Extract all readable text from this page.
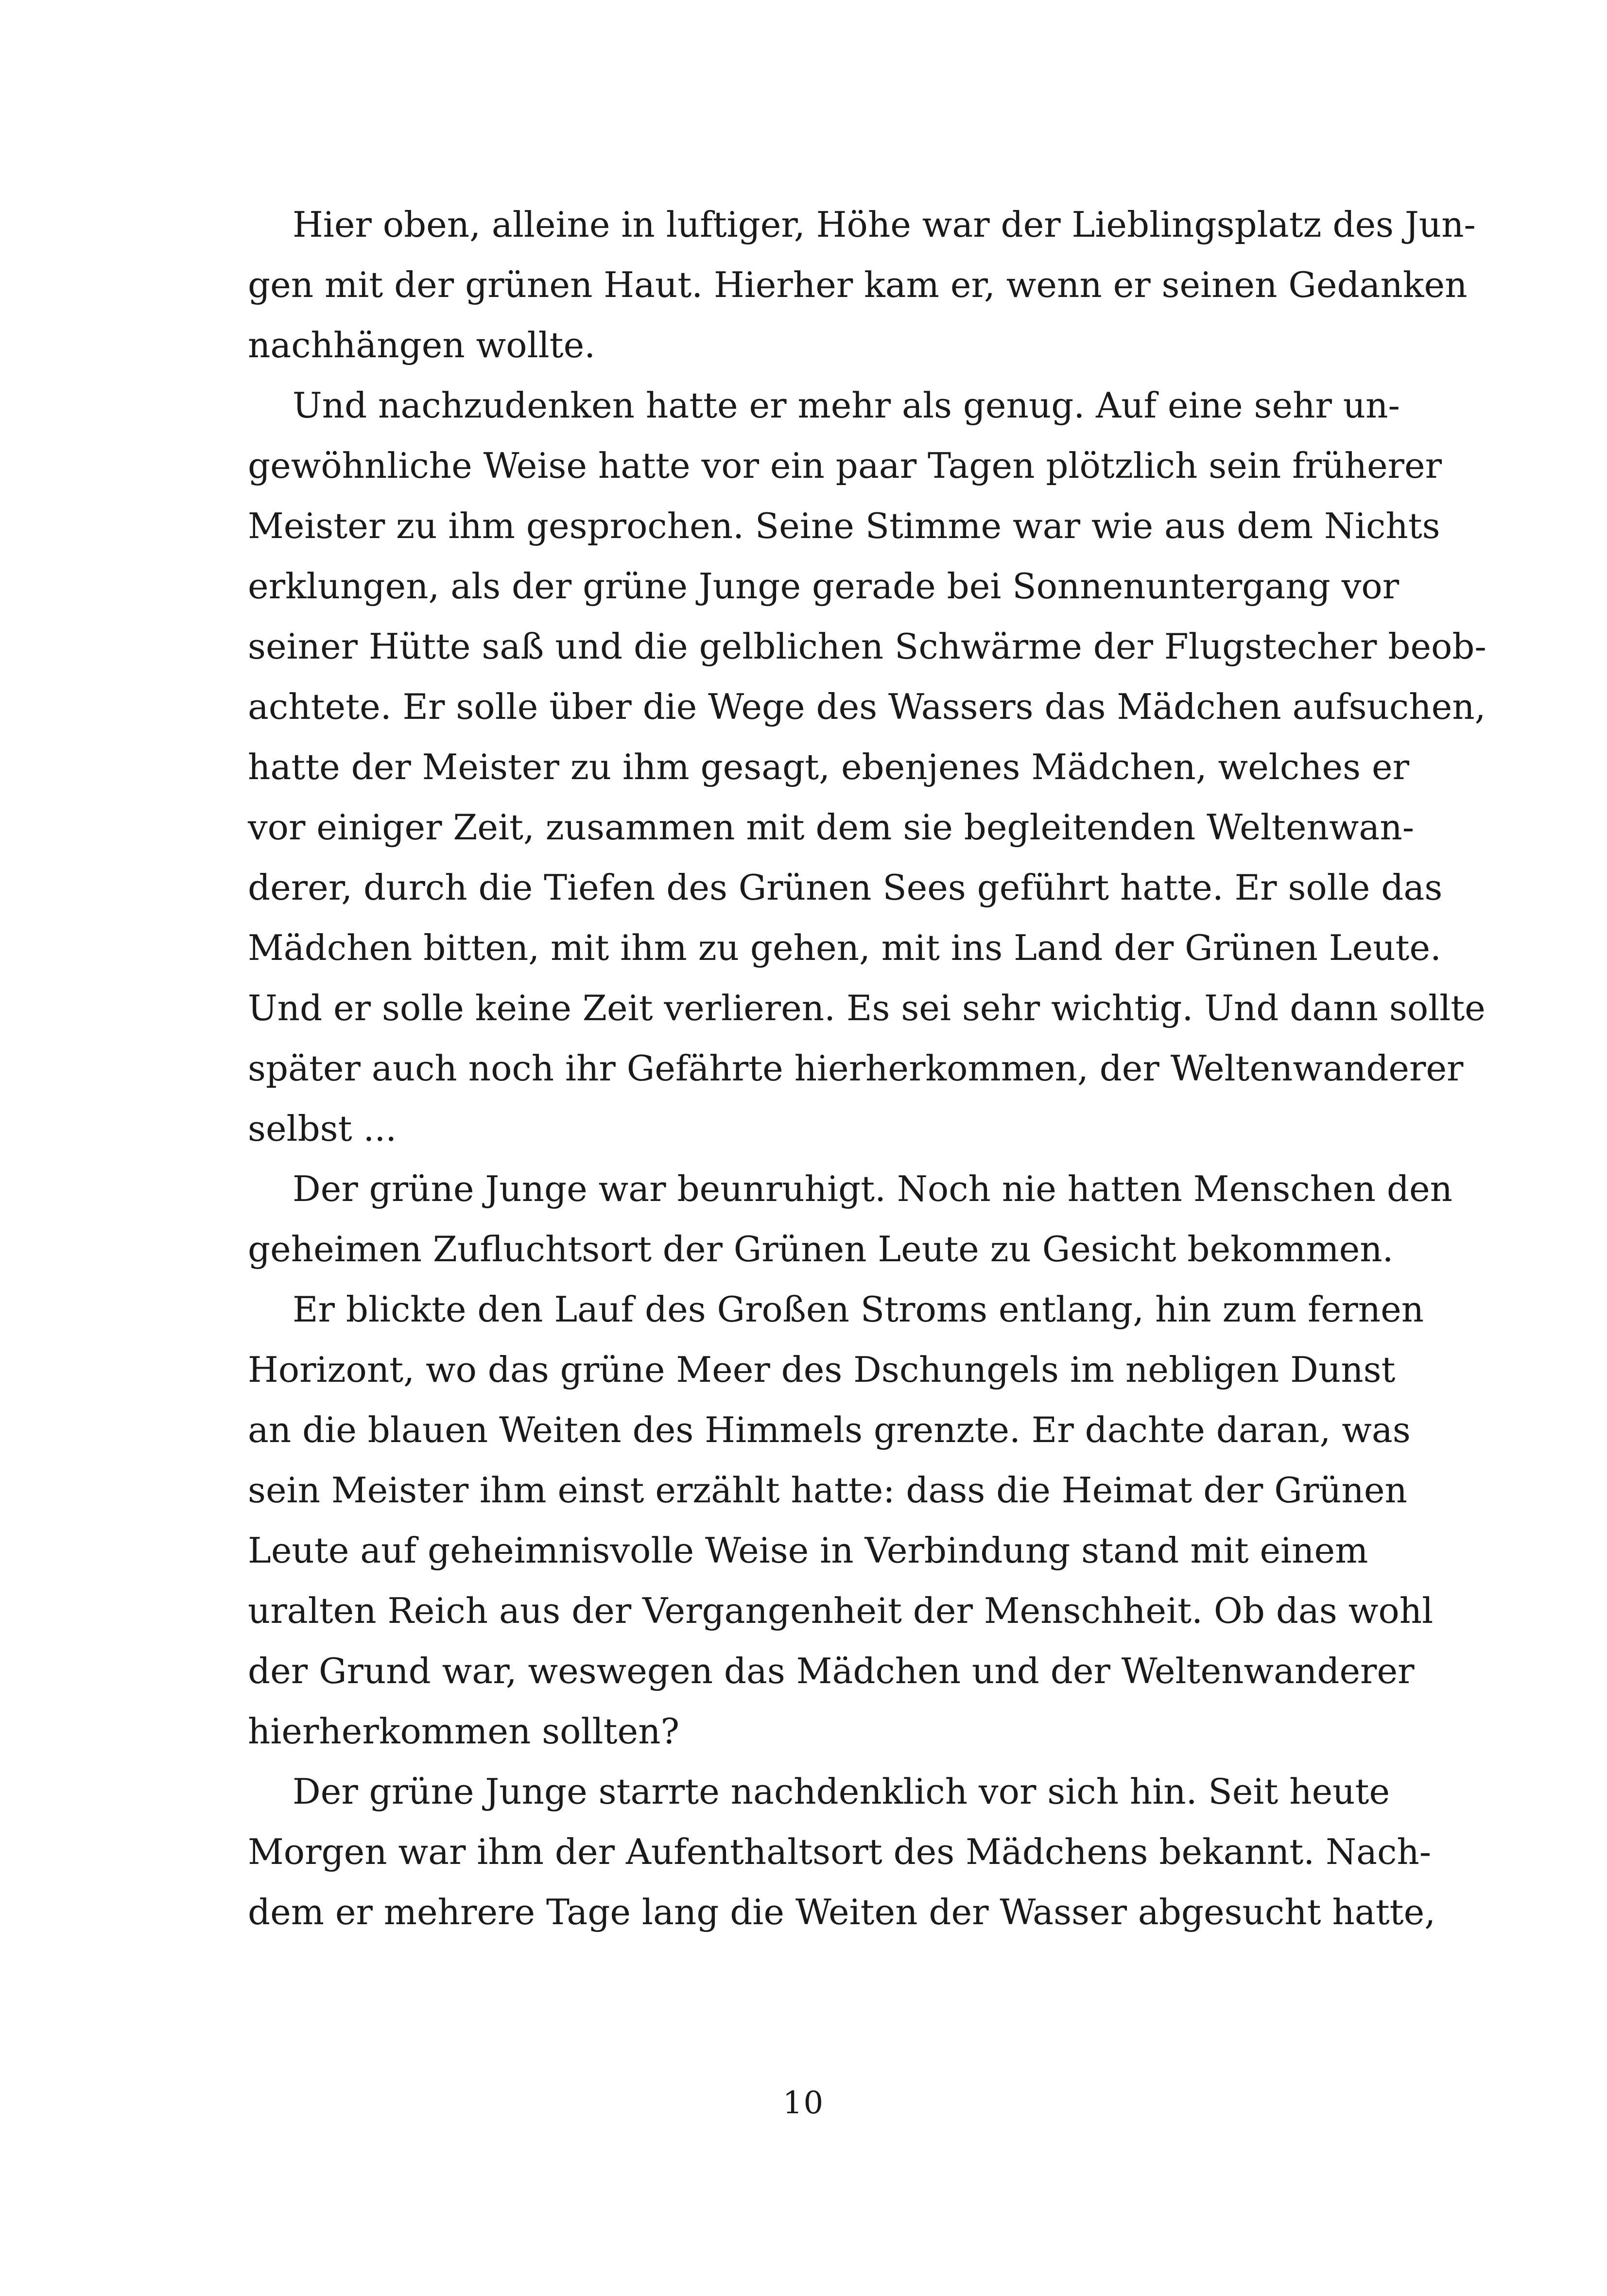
Hier oben, alleine in luftiger, Höhe war der Lieblingsplatz des Jun-
gen mit der grünen Haut. Hierher kam er, wenn er seinen Gedanken
nachhängen wollte.
Und nachzudenken hatte er mehr als genug. Auf eine sehr un-
gewöhnliche Weise hatte vor ein paar Tagen plötzlich sein früherer
Meister zu ihm gesprochen. Seine Stimme war wie aus dem Nichts
erklungen, als der grüne Junge gerade bei Sonnenuntergang vor
seiner Hütte saß und die gelblichen Schwärme der Flugstecher beob-
achtete. Er solle über die Wege des Wassers das Mädchen aufsuchen,
hatte der Meister zu ihm gesagt, ebenjenes Mädchen, welches er
vor einiger Zeit, zusammen mit dem sie begleitenden Weltenwan-
derer, durch die Tiefen des Grünen Sees geführt hatte. Er solle das
Mädchen bitten, mit ihm zu gehen, mit ins Land der Grünen Leute.
Und er solle keine Zeit verlieren. Es sei sehr wichtig. Und dann sollte
später auch noch ihr Gefährte hierherkommen, der Weltenwanderer
selbst ...
Der grüne Junge war beunruhigt. Noch nie hatten Menschen den
geheimen Zufluchtsort der Grünen Leute zu Gesicht bekommen.
Er blickte den Lauf des Großen Stroms entlang, hin zum fernen
Horizont, wo das grüne Meer des Dschungels im nebligen Dunst
an die blauen Weiten des Himmels grenzte. Er dachte daran, was
sein Meister ihm einst erzählt hatte: dass die Heimat der Grünen
Leute auf geheimnisvolle Weise in Verbindung stand mit einem
uralten Reich aus der Vergangenheit der Menschheit. Ob das wohl
der Grund war, weswegen das Mädchen und der Weltenwanderer
hierherkommen sollten?
Der grüne Junge starrte nachdenklich vor sich hin. Seit heute
Morgen war ihm der Aufenthaltsort des Mädchens bekannt. Nach-
dem er mehrere Tage lang die Weiten der Wasser abgesucht hatte,
10
